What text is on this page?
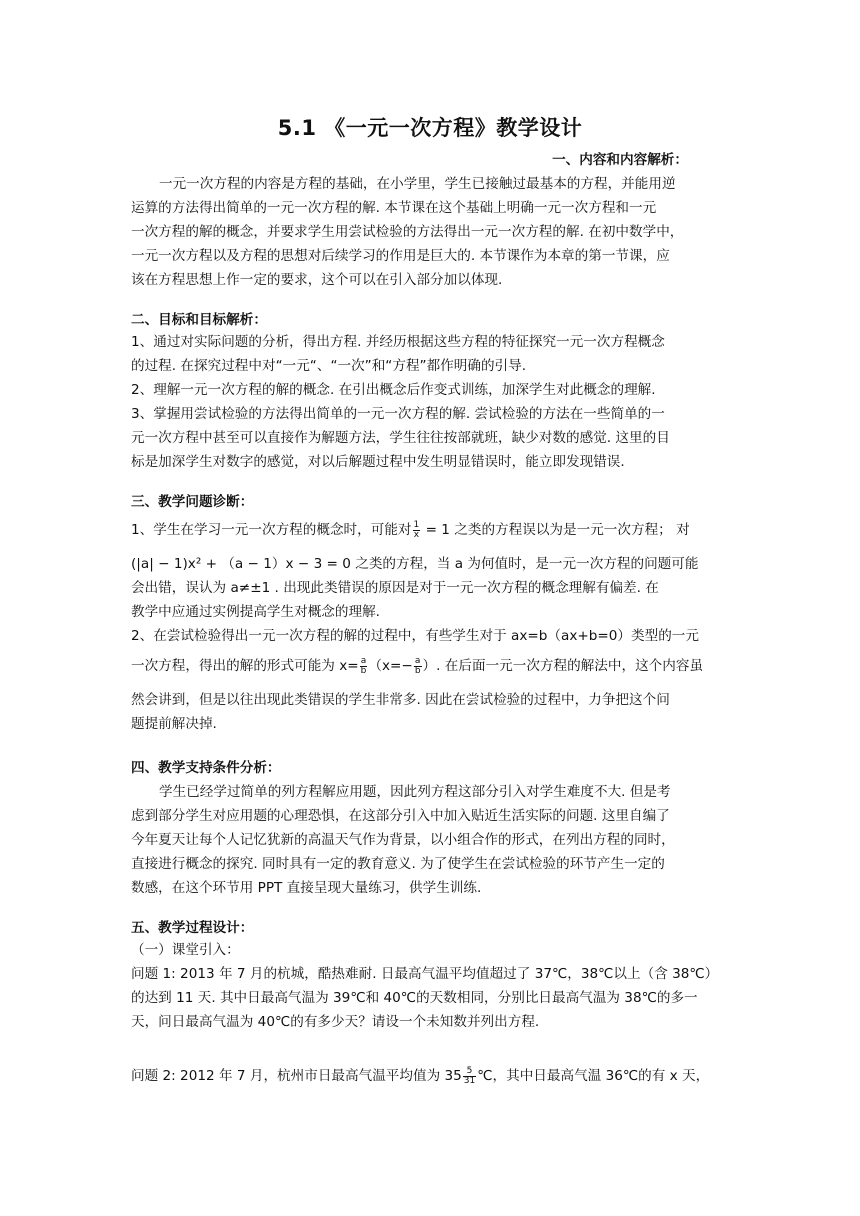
5.1 《一元一次方程》教学设计
一、内容和内容解析：
一元一次方程的内容是方程的基础，在小学里，学生已接触过最基本的方程，并能用逆
运算的方法得出简单的一元一次方程的解. 本节课在这个基础上明确一元一次方程和一元
一次方程的解的概念，并要求学生用尝试检验的方法得出一元一次方程的解. 在初中数学中，
一元一次方程以及方程的思想对后续学习的作用是巨大的. 本节课作为本章的第一节课，应
该在方程思想上作一定的要求，这个可以在引入部分加以体现.
二、目标和目标解析：
1、通过对实际问题的分析，得出方程. 并经历根据这些方程的特征探究一元一次方程概念
的过程. 在探究过程中对“一元“、“一次”和“方程”都作明确的引导.
2、理解一元一次方程的解的概念. 在引出概念后作变式训练，加深学生对此概念的理解.
3、掌握用尝试检验的方法得出简单的一元一次方程的解. 尝试检验的方法在一些简单的一
元一次方程中甚至可以直接作为解题方法，学生往往按部就班，缺少对数的感觉. 这里的目
标是加深学生对数字的感觉，对以后解题过程中发生明显错误时，能立即发现错误.
三、教学问题诊断：
1、学生在学习一元一次方程的概念时，可能对 $\frac{1}{x} = 1$ 之类的方程误以为是一元一次方程； 对
(|a| − 1)x² + （a − 1）x − 3 = 0 之类的方程，当 a 为何值时，是一元一次方程的问题可能
会出错，误认为 a≠±1 . 出现此类错误的原因是对于一元一次方程的概念理解有偏差. 在
教学中应通过实例提高学生对概念的理解.
2、在尝试检验得出一元一次方程的解的过程中，有些学生对于 ax=b（ax+b=0）类型的一元
一次方程，得出的解的形式可能为 $x= \frac{a}{b} (x=- \frac{a}{b}$ ）. 在后面一元一次方程的解法中，这个内容虽
然会讲到，但是以往出现此类错误的学生非常多. 因此在尝试检验的过程中，力争把这个问
题提前解决掉.
四、教学支持条件分析：
学生已经学过简单的列方程解应用题，因此列方程这部分引入对学生难度不大. 但是考
虑到部分学生对应用题的心理恐惧，在这部分引入中加入贴近生活实际的问题. 这里自编了
今年夏天让每个人记忆犹新的高温天气作为背景，以小组合作的形式，在列出方程的同时，
直接进行概念的探究. 同时具有一定的教育意义. 为了使学生在尝试检验的环节产生一定的
数感，在这个环节用 PPT 直接呈现大量练习，供学生训练.
五、教学过程设计：
（一）课堂引入：
问题 1: 2013 年 7 月的杭城，酷热难耐. 日最高气温平均值超过了 37℃，38℃以上（含 38℃）
的达到 11 天. 其中日最高气温为 39℃和 40℃的天数相同，分别比日最高气温为 38℃的多一
天，问日最高气温为 40℃的有多少天？请设一个未知数并列出方程.
问题 2: 2012 年 7 月，杭州市日最高气温平均值为 $35 \frac{5}{31}$ ℃，其中日最高气温 36℃的有 x 天，
